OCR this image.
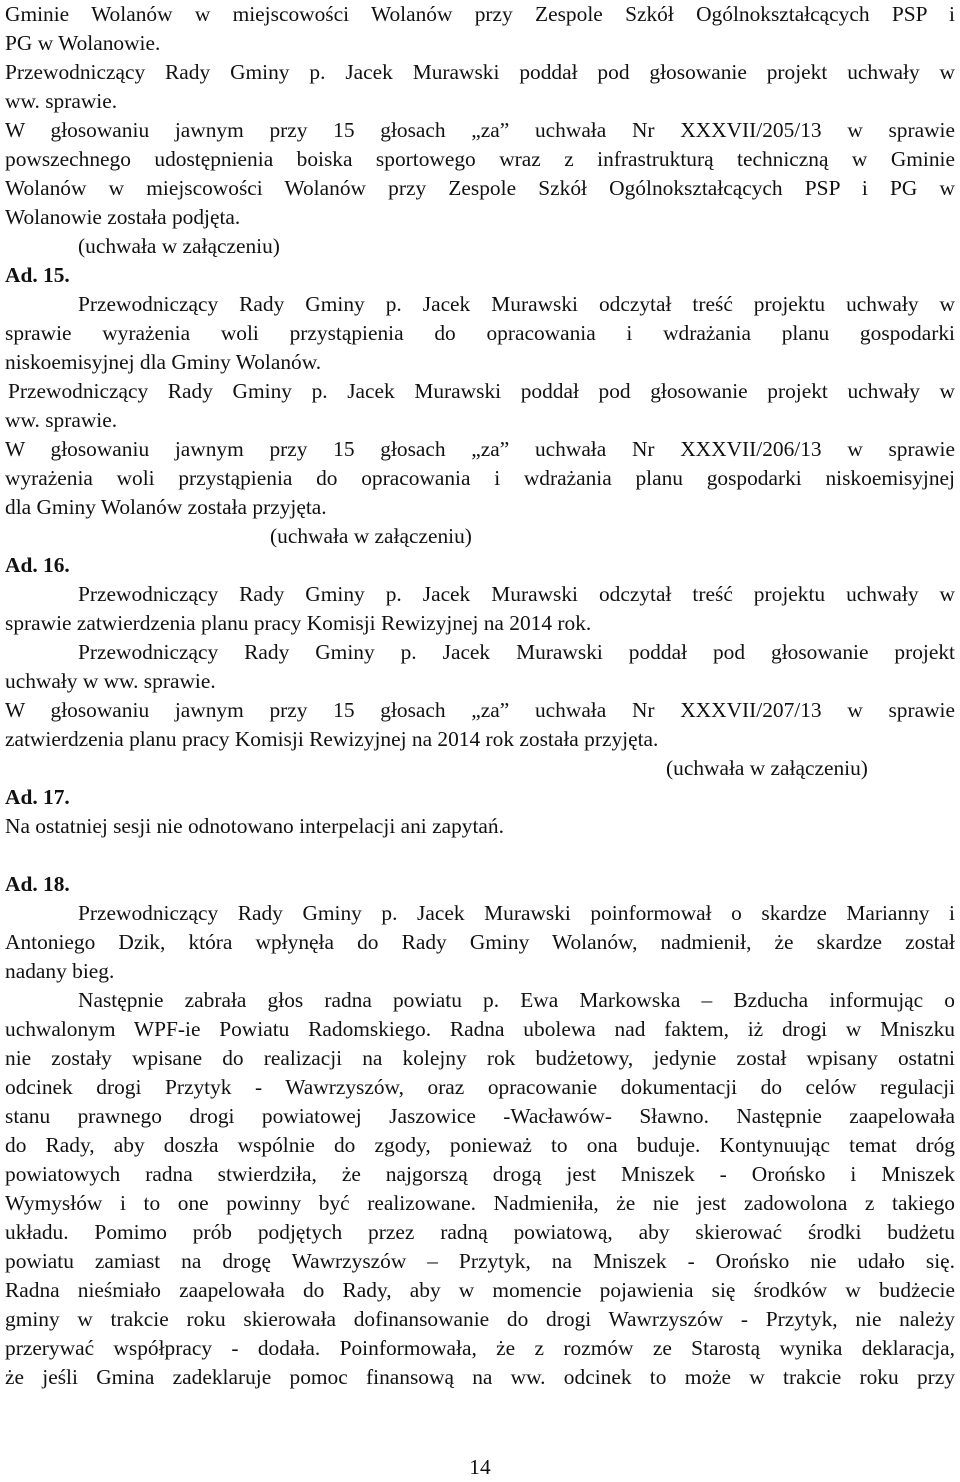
Gminie Wolanów w miejscowości Wolanów przy Zespole Szkół Ogólnokształcących PSP i
PG w Wolanowie.
Przewodniczący Rady Gminy p. Jacek Murawski poddał pod głosowanie projekt uchwały w
ww. sprawie.
W głosowaniu jawnym przy 15 głosach „za” uchwała Nr XXXVII/205/13 w sprawie
powszechnego udostępnienia boiska sportowego wraz z infrastrukturą techniczną w Gminie
Wolanów w miejscowości Wolanów przy Zespole Szkół Ogólnokształcących PSP i PG w
Wolanowie została podjęta.
(uchwała w załączeniu)
Ad. 15.
Przewodniczący Rady Gminy p. Jacek Murawski odczytał treść projektu uchwały w
sprawie wyrażenia woli przystąpienia do opracowania i wdrażania planu gospodarki
niskoemisyjnej dla Gminy Wolanów.
Przewodniczący Rady Gminy p. Jacek Murawski poddał pod głosowanie projekt uchwały w
ww. sprawie.
W głosowaniu jawnym przy 15 głosach „za” uchwała Nr XXXVII/206/13 w sprawie
wyrażenia woli przystąpienia do opracowania i wdrażania planu gospodarki niskoemisyjnej
dla Gminy Wolanów została przyjęta.
(uchwała w załączeniu)
Ad. 16.
Przewodniczący Rady Gminy p. Jacek Murawski odczytał treść projektu uchwały w
sprawie zatwierdzenia planu pracy Komisji Rewizyjnej na 2014 rok.
Przewodniczący Rady Gminy p. Jacek Murawski poddał pod głosowanie projekt
uchwały w ww. sprawie.
W głosowaniu jawnym przy 15 głosach „za” uchwała Nr XXXVII/207/13 w sprawie
zatwierdzenia planu pracy Komisji Rewizyjnej na 2014 rok została przyjęta.
(uchwała w załączeniu)
Ad. 17.
Na ostatniej sesji nie odnotowano interpelacji ani zapytań.
Ad. 18.
Przewodniczący Rady Gminy p. Jacek Murawski poinformował o skardze Marianny i
Antoniego Dzik, która wpłynęła do Rady Gminy Wolanów, nadmienił, że skardze został
nadany bieg.
Następnie zabrała głos radna powiatu p. Ewa Markowska – Bzducha informując o
uchwalonym WPF-ie Powiatu Radomskiego. Radna ubolewa nad faktem, iż drogi w Mniszku
nie zostały wpisane do realizacji na kolejny rok budżetowy, jedynie został wpisany ostatni
odcinek drogi Przytyk - Wawrzyszów, oraz opracowanie dokumentacji do celów regulacji
stanu prawnego drogi powiatowej Jaszowice -Wacławów- Sławno. Następnie zaapelowała
do Rady, aby doszła wspólnie do zgody, ponieważ to ona buduje. Kontynuując temat dróg
powiatowych radna stwierdziła, że najgorszą drogą jest Mniszek - Orońsko i Mniszek
Wymysłów i to one powinny być realizowane. Nadmieniła, że nie jest zadowolona z takiego
układu. Pomimo prób podjętych przez radną powiatową, aby skierować środki budżetu
powiatu zamiast na drogę Wawrzyszów – Przytyk, na Mniszek - Orońsko nie udało się.
Radna nieśmiało zaapelowała do Rady, aby w momencie pojawienia się środków w budżecie
gminy w trakcie roku skierowała dofinansowanie do drogi Wawrzyszów - Przytyk, nie należy
przerywać współpracy - dodała. Poinformowała, że z rozmów ze Starostą wynika deklaracja,
że jeśli Gmina zadeklaruje pomoc finansową na ww. odcinek to może w trakcie roku przy
14
